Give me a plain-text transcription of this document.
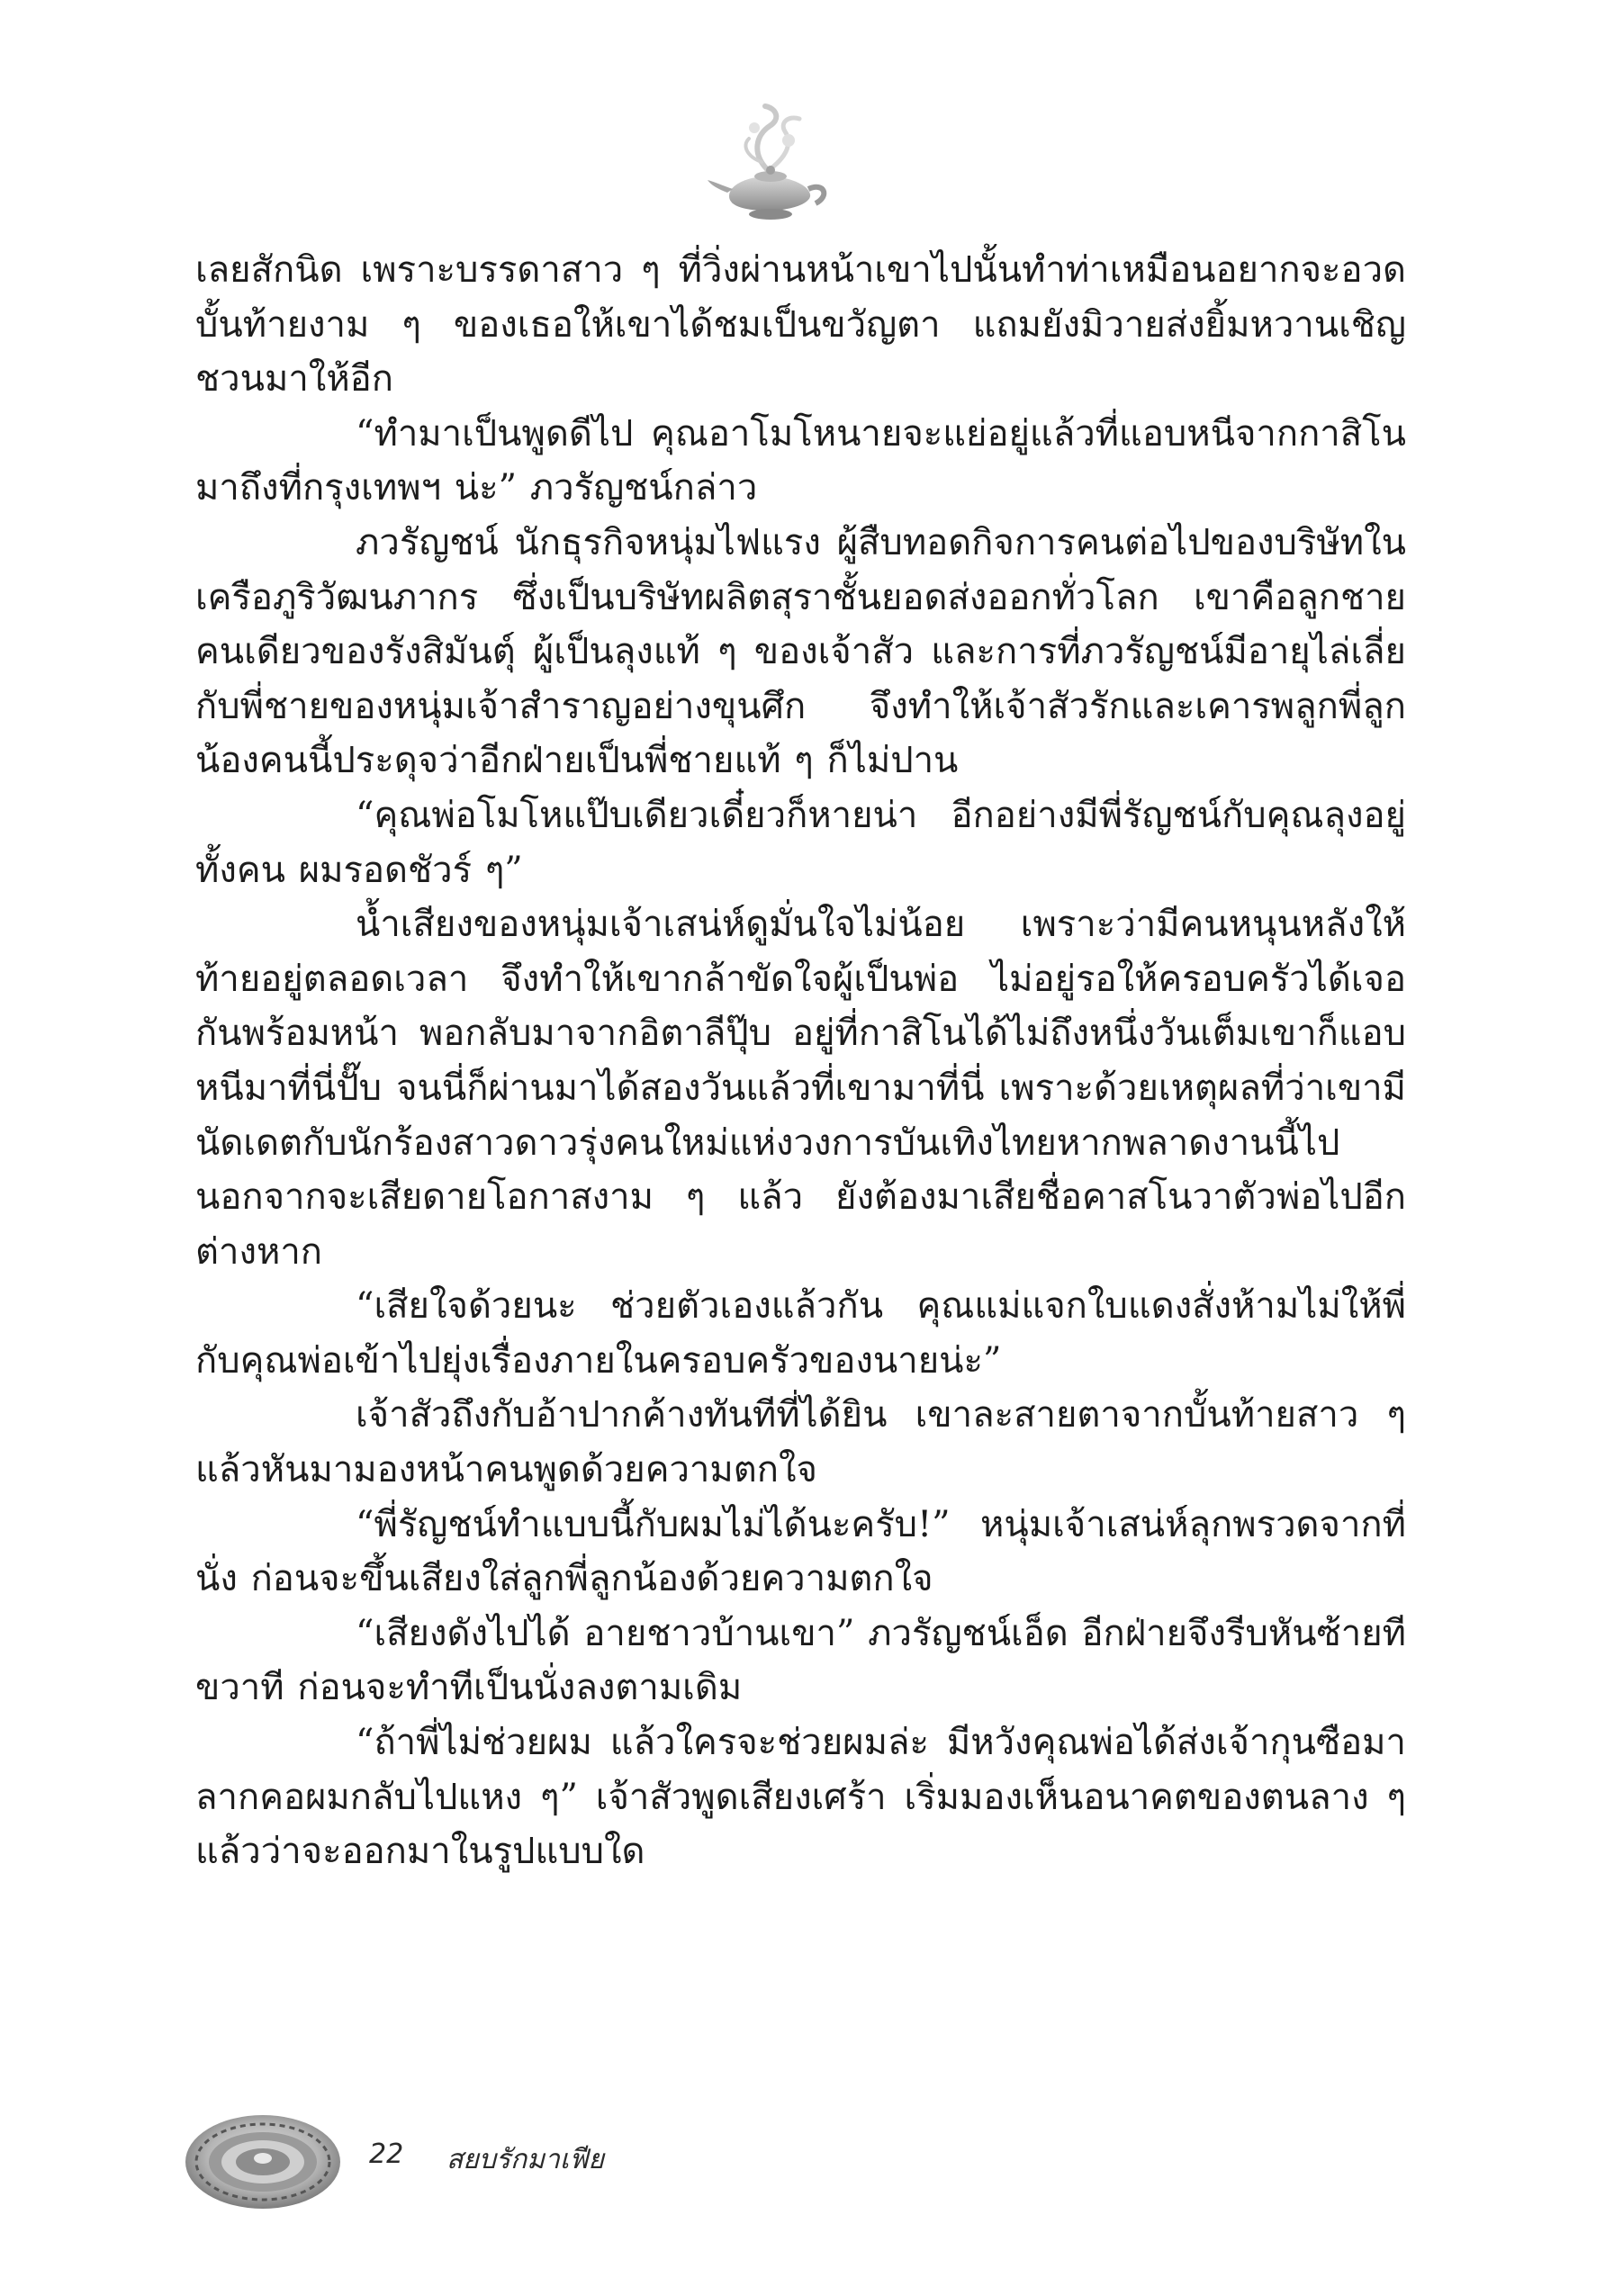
เลยสักนิด เพราะบรรดาสาว ๆ ที่วิ่งผ่านหน้าเขาไปนั้นทำท่าเหมือนอยากจะอวดบั้นท้ายงาม ๆ ของเธอให้เขาได้ชมเป็นขวัญตา แถมยังมิวายส่งยิ้มหวานเชิญชวนมาให้อีก

“ทำมาเป็นพูดดีไป คุณอาโมโหนายจะแย่อยู่แล้วที่แอบหนีจากกาสิโนมาถึงที่กรุงเทพฯ น่ะ” ภวรัญชน์กล่าว

ภวรัญชน์ นักธุรกิจหนุ่มไฟแรง ผู้สืบทอดกิจการคนต่อไปของบริษัทในเครือภูริวัฒนภากร ซึ่งเป็นบริษัทผลิตสุราชั้นยอดส่งออกทั่วโลก เขาคือลูกชายคนเดียวของรังสิมันตุ์ ผู้เป็นลุงแท้ ๆ ของเจ้าสัว และการที่ภวรัญชน์มีอายุไล่เลี่ยกับพี่ชายของหนุ่มเจ้าสำราญอย่างขุนศึก จึงทำให้เจ้าสัวรักและเคารพลูกพี่ลูกน้องคนนี้ประดุจว่าอีกฝ่ายเป็นพี่ชายแท้ ๆ ก็ไม่ปาน

“คุณพ่อโมโหแป๊บเดียวเดี๋ยวก็หายน่า อีกอย่างมีพี่รัญชน์กับคุณลุงอยู่ทั้งคน ผมรอดชัวร์ ๆ”

น้ำเสียงของหนุ่มเจ้าเสน่ห์ดูมั่นใจไม่น้อย เพราะว่ามีคนหนุนหลังให้ท้ายอยู่ตลอดเวลา จึงทำให้เขากล้าขัดใจผู้เป็นพ่อ ไม่อยู่รอให้ครอบครัวได้เจอกันพร้อมหน้า พอกลับมาจากอิตาลีปุ๊บ อยู่ที่กาสิโนได้ไม่ถึงหนึ่งวันเต็มเขาก็แอบหนีมาที่นี่ปั๊บ จนนี่ก็ผ่านมาได้สองวันแล้วที่เขามาที่นี่ เพราะด้วยเหตุผลที่ว่าเขามีนัดเดตกับนักร้องสาวดาวรุ่งคนใหม่แห่งวงการบันเทิงไทยหากพลาดงานนี้ไป นอกจากจะเสียดายโอกาสงาม ๆ แล้ว ยังต้องมาเสียชื่อคาสโนวาตัวพ่อไปอีกต่างหาก

“เสียใจด้วยนะ ช่วยตัวเองแล้วกัน คุณแม่แจกใบแดงสั่งห้ามไม่ให้พี่กับคุณพ่อเข้าไปยุ่งเรื่องภายในครอบครัวของนายน่ะ”

เจ้าสัวถึงกับอ้าปากค้างทันทีที่ได้ยิน เขาละสายตาจากบั้นท้ายสาว ๆ แล้วหันมามองหน้าคนพูดด้วยความตกใจ

“พี่รัญชน์ทำแบบนี้กับผมไม่ได้นะครับ!” หนุ่มเจ้าเสน่ห์ลุกพรวดจากที่นั่ง ก่อนจะขึ้นเสียงใส่ลูกพี่ลูกน้องด้วยความตกใจ

“เสียงดังไปได้ อายชาวบ้านเขา” ภวรัญชน์เอ็ด อีกฝ่ายจึงรีบหันซ้ายทีขวาที ก่อนจะทำทีเป็นนั่งลงตามเดิม

“ถ้าพี่ไม่ช่วยผม แล้วใครจะช่วยผมล่ะ มีหวังคุณพ่อได้ส่งเจ้ากุนซือมาลากคอผมกลับไปแหง ๆ” เจ้าสัวพูดเสียงเศร้า เริ่มมองเห็นอนาคตของตนลาง ๆ แล้วว่าจะออกมาในรูปแบบใด

22 สยบรักมาเฟีย
